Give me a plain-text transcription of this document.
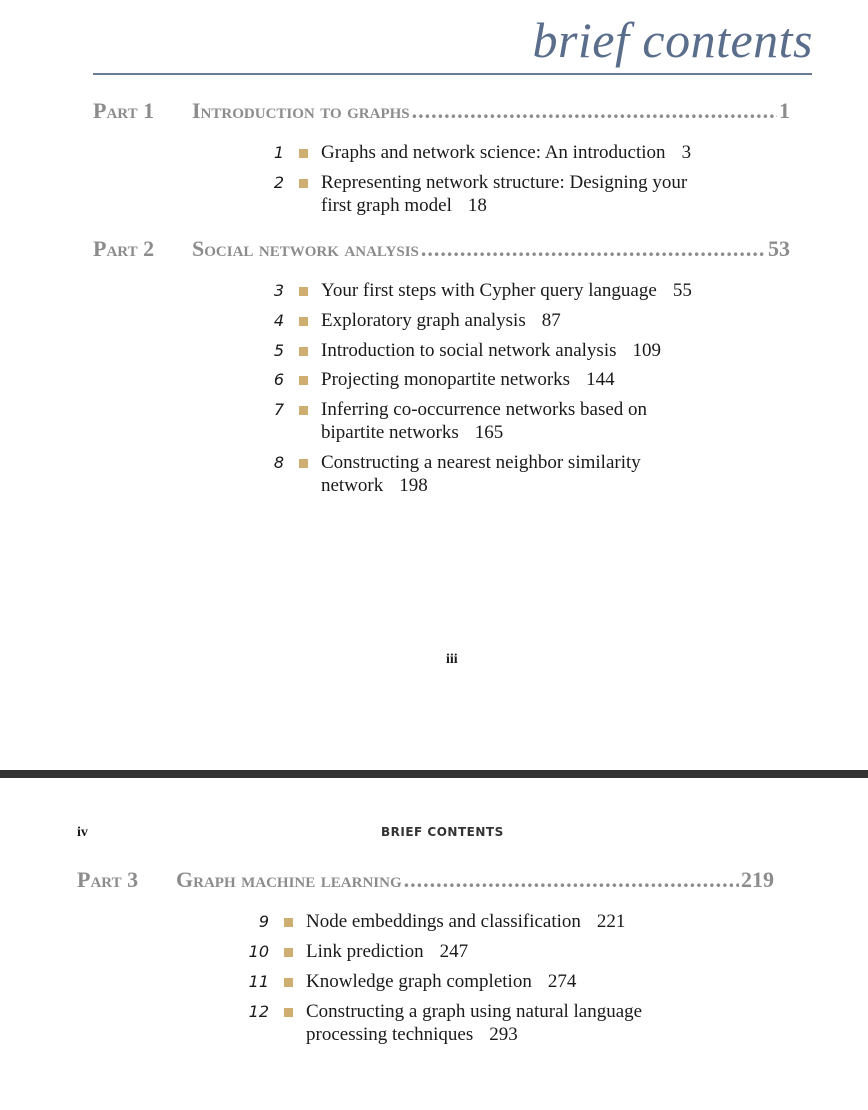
brief contents
Part 1	Introduction to graphs .....	1
1 Graphs and network science: An introduction 3
2 Representing network structure: Designing your first graph model 18
Part 2	Social network analysis .....	53
3 Your first steps with Cypher query language 55
4 Exploratory graph analysis 87
5 Introduction to social network analysis 109
6 Projecting monopartite networks 144
7 Inferring co-occurrence networks based on bipartite networks 165
8 Constructing a nearest neighbor similarity network 198
iii
iv	BRIEF CONTENTS
Part 3	Graph machine learning .....	219
9 Node embeddings and classification 221
10 Link prediction 247
11 Knowledge graph completion 274
12 Constructing a graph using natural language processing techniques 293
